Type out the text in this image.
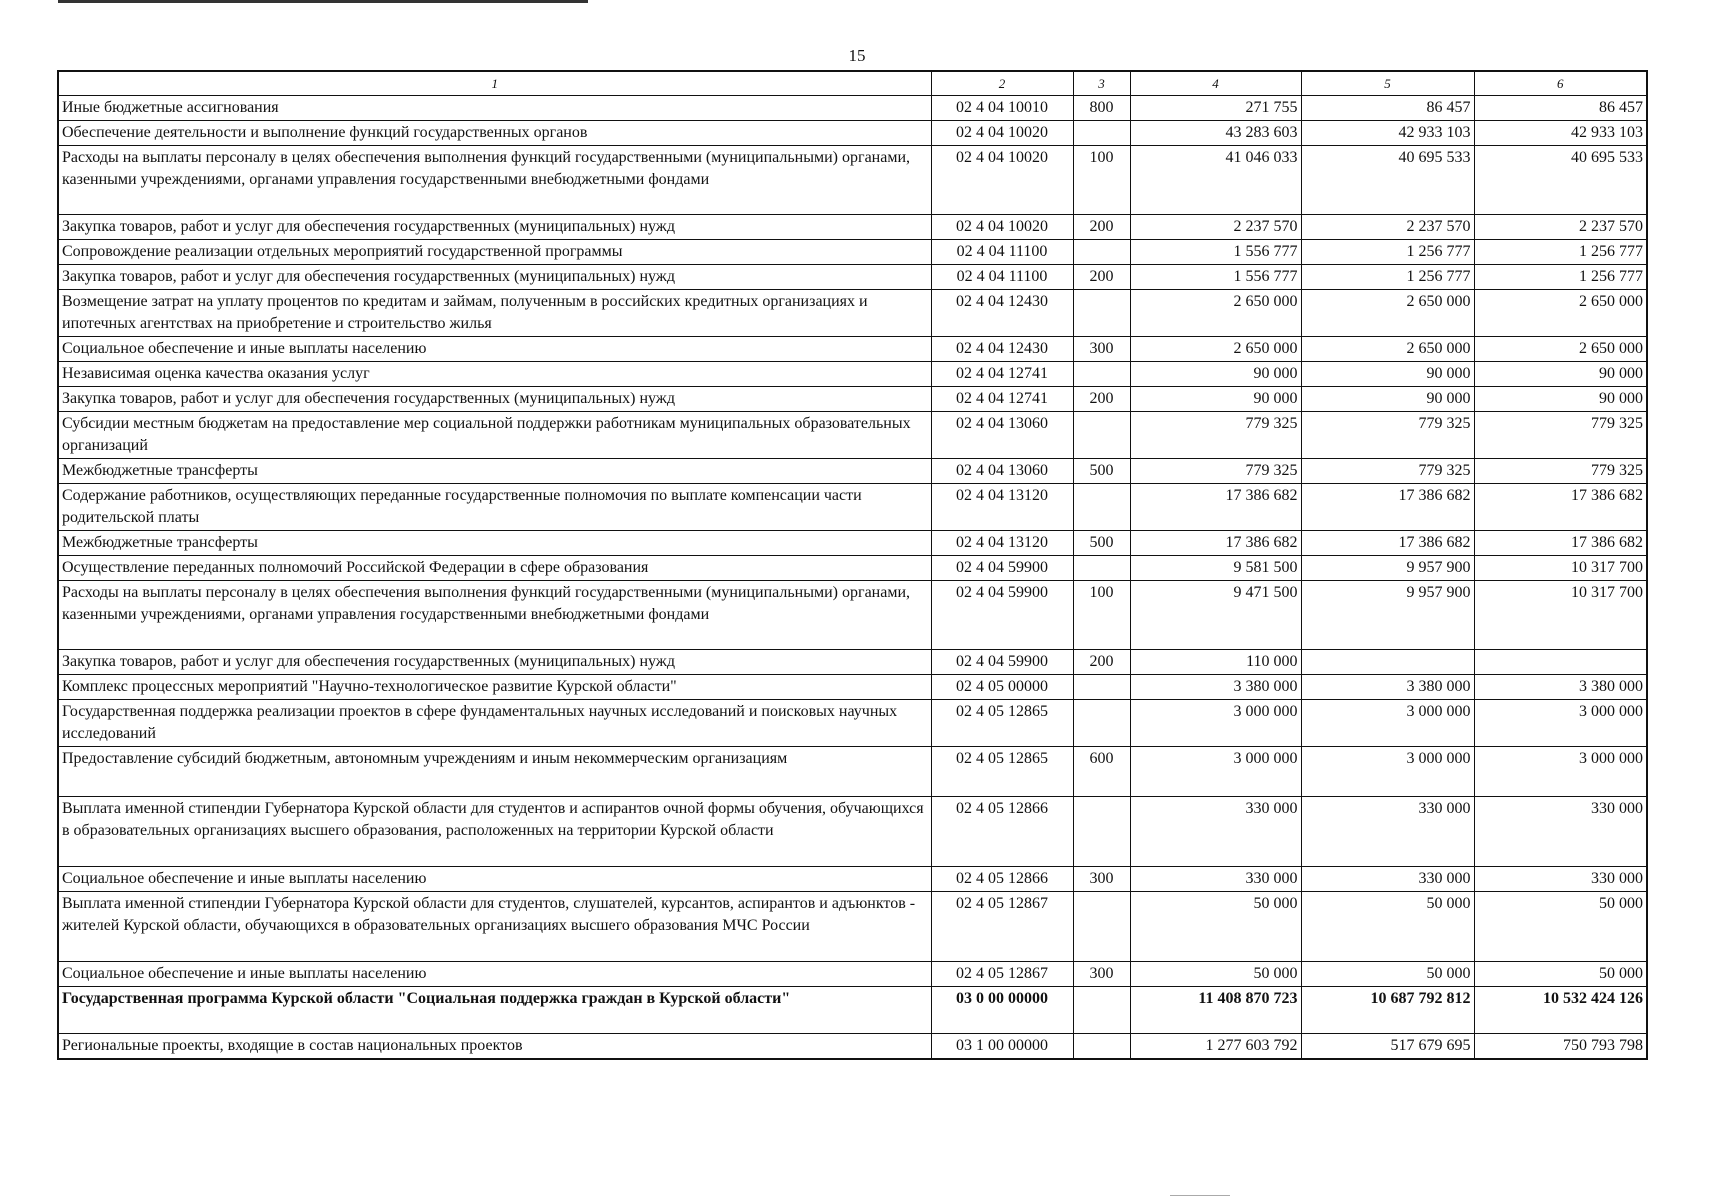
15
1	2	3	4	5	6
Иные бюджетные ассигнования	02 4 04 10010	800	271 755	86 457	86 457
Обеспечение деятельности и выполнение функций государственных органов	02 4 04 10020		43 283 603	42 933 103	42 933 103
Расходы на выплаты персоналу в целях обеспечения выполнения функций государственными (муниципальными) органами, казенными учреждениями, органами управления государственными внебюджетными фондами	02 4 04 10020	100	41 046 033	40 695 533	40 695 533
Закупка товаров, работ и услуг для обеспечения государственных (муниципальных) нужд	02 4 04 10020	200	2 237 570	2 237 570	2 237 570
Сопровождение реализации отдельных мероприятий государственной программы	02 4 04 11100		1 556 777	1 256 777	1 256 777
Закупка товаров, работ и услуг для обеспечения государственных (муниципальных) нужд	02 4 04 11100	200	1 556 777	1 256 777	1 256 777
Возмещение затрат на уплату процентов по кредитам и займам, полученным в российских кредитных организациях и ипотечных агентствах на приобретение и строительство жилья	02 4 04 12430		2 650 000	2 650 000	2 650 000
Социальное обеспечение и иные выплаты населению	02 4 04 12430	300	2 650 000	2 650 000	2 650 000
Независимая оценка качества оказания услуг	02 4 04 12741		90 000	90 000	90 000
Закупка товаров, работ и услуг для обеспечения государственных (муниципальных) нужд	02 4 04 12741	200	90 000	90 000	90 000
Субсидии местным бюджетам на предоставление мер социальной поддержки работникам муниципальных образовательных организаций	02 4 04 13060		779 325	779 325	779 325
Межбюджетные трансферты	02 4 04 13060	500	779 325	779 325	779 325
Содержание работников, осуществляющих переданные государственные полномочия по выплате компенсации части родительской платы	02 4 04 13120		17 386 682	17 386 682	17 386 682
Межбюджетные трансферты	02 4 04 13120	500	17 386 682	17 386 682	17 386 682
Осуществление переданных полномочий Российской Федерации в сфере образования	02 4 04 59900		9 581 500	9 957 900	10 317 700
Расходы на выплаты персоналу в целях обеспечения выполнения функций государственными (муниципальными) органами, казенными учреждениями, органами управления государственными внебюджетными фондами	02 4 04 59900	100	9 471 500	9 957 900	10 317 700
Закупка товаров, работ и услуг для обеспечения государственных (муниципальных) нужд	02 4 04 59900	200	110 000		
Комплекс процессных мероприятий "Научно-технологическое развитие Курской области"	02 4 05 00000		3 380 000	3 380 000	3 380 000
Государственная поддержка реализации проектов в сфере фундаментальных научных исследований и поисковых научных исследований	02 4 05 12865		3 000 000	3 000 000	3 000 000
Предоставление субсидий бюджетным, автономным учреждениям и иным некоммерческим организациям	02 4 05 12865	600	3 000 000	3 000 000	3 000 000
Выплата именной стипендии Губернатора Курской области для студентов и аспирантов очной формы обучения, обучающихся в образовательных организациях высшего образования, расположенных на территории Курской области	02 4 05 12866		330 000	330 000	330 000
Социальное обеспечение и иные выплаты населению	02 4 05 12866	300	330 000	330 000	330 000
Выплата именной стипендии Губернатора Курской области для студентов, слушателей, курсантов, аспирантов и адъюнктов - жителей Курской области, обучающихся в образовательных организациях высшего образования МЧС России	02 4 05 12867		50 000	50 000	50 000
Социальное обеспечение и иные выплаты населению	02 4 05 12867	300	50 000	50 000	50 000
Государственная программа Курской области "Социальная поддержка граждан в Курской области"	03 0 00 00000		11 408 870 723	10 687 792 812	10 532 424 126
Региональные проекты, входящие в состав национальных проектов	03 1 00 00000		1 277 603 792	517 679 695	750 793 798
